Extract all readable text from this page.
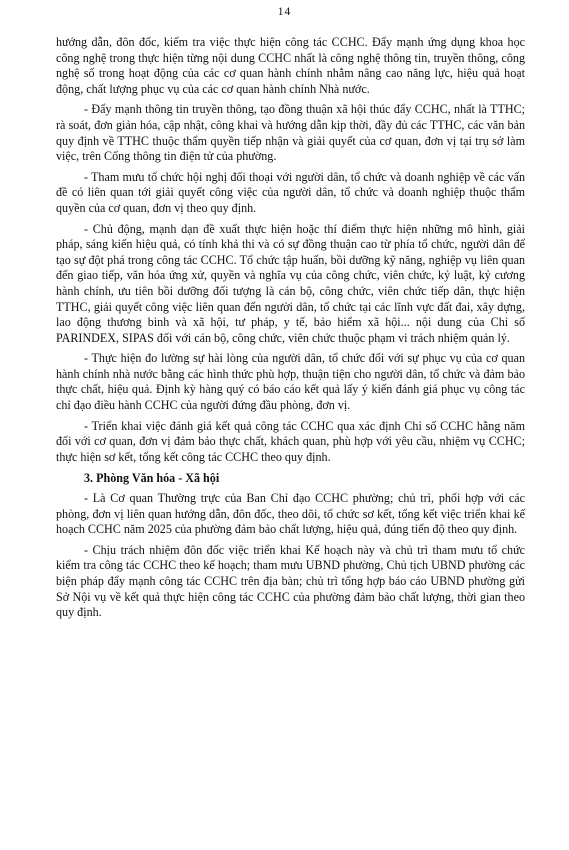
14

hướng dẫn, đôn đốc, kiểm tra việc thực hiện công tác CCHC. Đẩy mạnh ứng dụng khoa học công nghệ trong thực hiện từng nội dung CCHC nhất là công nghệ thông tin, truyền thông, công nghệ số trong hoạt động của các cơ quan hành chính nhằm nâng cao năng lực, hiệu quả hoạt động, chất lượng phục vụ của các cơ quan hành chính Nhà nước.

- Đẩy mạnh thông tin truyền thông, tạo đồng thuận xã hội thúc đẩy CCHC, nhất là TTHC; rà soát, đơn giản hóa, cập nhật, công khai và hướng dẫn kịp thời, đầy đủ các TTHC, các văn bản quy định về TTHC thuộc thẩm quyền tiếp nhận và giải quyết của cơ quan, đơn vị tại trụ sở làm việc, trên Cổng thông tin điện tử của phường.

- Tham mưu tổ chức hội nghị đối thoại với người dân, tổ chức và doanh nghiệp về các vấn đề có liên quan tới giải quyết công việc của người dân, tổ chức và doanh nghiệp thuộc thẩm quyền của cơ quan, đơn vị theo quy định.

- Chủ động, mạnh dạn đề xuất thực hiện hoặc thí điểm thực hiện những mô hình, giải pháp, sáng kiến hiệu quả, có tính khả thi và có sự đồng thuận cao từ phía tổ chức, người dân để tạo sự đột phá trong công tác CCHC. Tổ chức tập huấn, bồi dưỡng kỹ năng, nghiệp vụ liên quan đến giao tiếp, văn hóa ứng xử, quyền và nghĩa vụ của công chức, viên chức, kỷ luật, kỷ cương hành chính, ưu tiên bồi dưỡng đối tượng là cán bộ, công chức, viên chức tiếp dân, thực hiện TTHC, giải quyết công việc liên quan đến người dân, tổ chức tại các lĩnh vực đất đai, xây dựng, lao động thương binh và xã hội, tư pháp, y tế, bảo hiểm xã hội... nội dung của Chỉ số PARINDEX, SIPAS đối với cán bộ, công chức, viên chức thuộc phạm vi trách nhiệm quản lý.

- Thực hiện đo lường sự hài lòng của người dân, tổ chức đối với sự phục vụ của cơ quan hành chính nhà nước bằng các hình thức phù hợp, thuận tiện cho người dân, tổ chức và đảm bảo thực chất, hiệu quả. Định kỳ hàng quý có báo cáo kết quả lấy ý kiến đánh giá phục vụ công tác chỉ đạo điều hành CCHC của người đứng đầu phòng, đơn vị.

- Triển khai việc đánh giá kết quả công tác CCHC qua xác định Chỉ số CCHC hằng năm đối với cơ quan, đơn vị đảm bảo thực chất, khách quan, phù hợp với yêu cầu, nhiệm vụ CCHC; thực hiện sơ kết, tổng kết công tác CCHC theo quy định.

3. Phòng Văn hóa - Xã hội

- Là Cơ quan Thường trực của Ban Chỉ đạo CCHC phường; chủ trì, phối hợp với các phòng, đơn vị liên quan hướng dẫn, đôn đốc, theo dõi, tổ chức sơ kết, tổng kết việc triển khai kế hoạch CCHC năm 2025 của phường đảm bảo chất lượng, hiệu quả, đúng tiến độ theo quy định.

- Chịu trách nhiệm đôn đốc việc triển khai Kế hoạch này và chủ trì tham mưu tổ chức kiểm tra công tác CCHC theo kế hoạch; tham mưu UBND phường, Chủ tịch UBND phường các biện pháp đẩy mạnh công tác CCHC trên địa bàn; chủ trì tổng hợp báo cáo UBND phường gửi Sở Nội vụ về kết quả thực hiện công tác CCHC của phường đảm bảo chất lượng, thời gian theo quy định.
